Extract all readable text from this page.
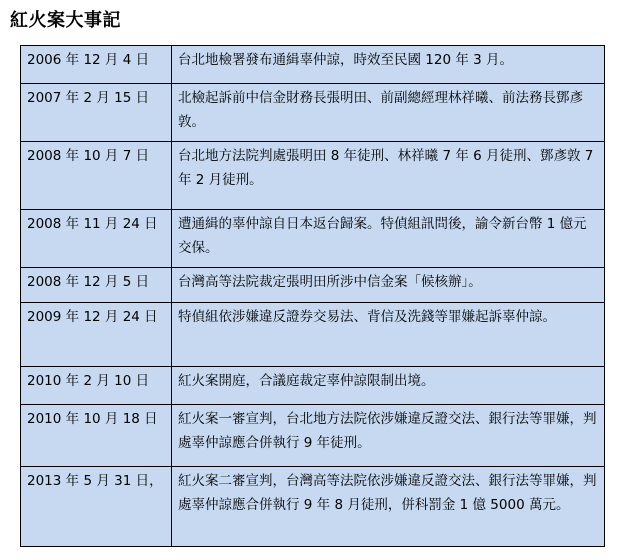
紅火案大事記
2006 年 12 月 4 日	台北地檢署發布通緝辜仲諒，時效至民國 120 年 3 月。
2007 年 2 月 15 日	北檢起訴前中信金財務長張明田、前副總經理林祥曦、前法務長鄧彥敦。
2008 年 10 月 7 日	台北地方法院判處張明田 8 年徒刑、林祥曦 7 年 6 月徒刑、鄧彥敦 7 年 2 月徒刑。
2008 年 11 月 24 日	遭通緝的辜仲諒自日本返台歸案。特偵組訊問後，諭令新台幣 1 億元交保。
2008 年 12 月 5 日	台灣高等法院裁定張明田所涉中信金案「候核辦」。
2009 年 12 月 24 日	特偵組依涉嫌違反證券交易法、背信及洗錢等罪嫌起訴辜仲諒。
2010 年 2 月 10 日	紅火案開庭，合議庭裁定辜仲諒限制出境。
2010 年 10 月 18 日	紅火案一審宣判，台北地方法院依涉嫌違反證交法、銀行法等罪嫌，判處辜仲諒應合併執行 9 年徒刑。
2013 年 5 月 31 日，	紅火案二審宣判，台灣高等法院依涉嫌違反證交法、銀行法等罪嫌，判處辜仲諒應合併執行 9 年 8 月徒刑，併科罰金 1 億 5000 萬元。
